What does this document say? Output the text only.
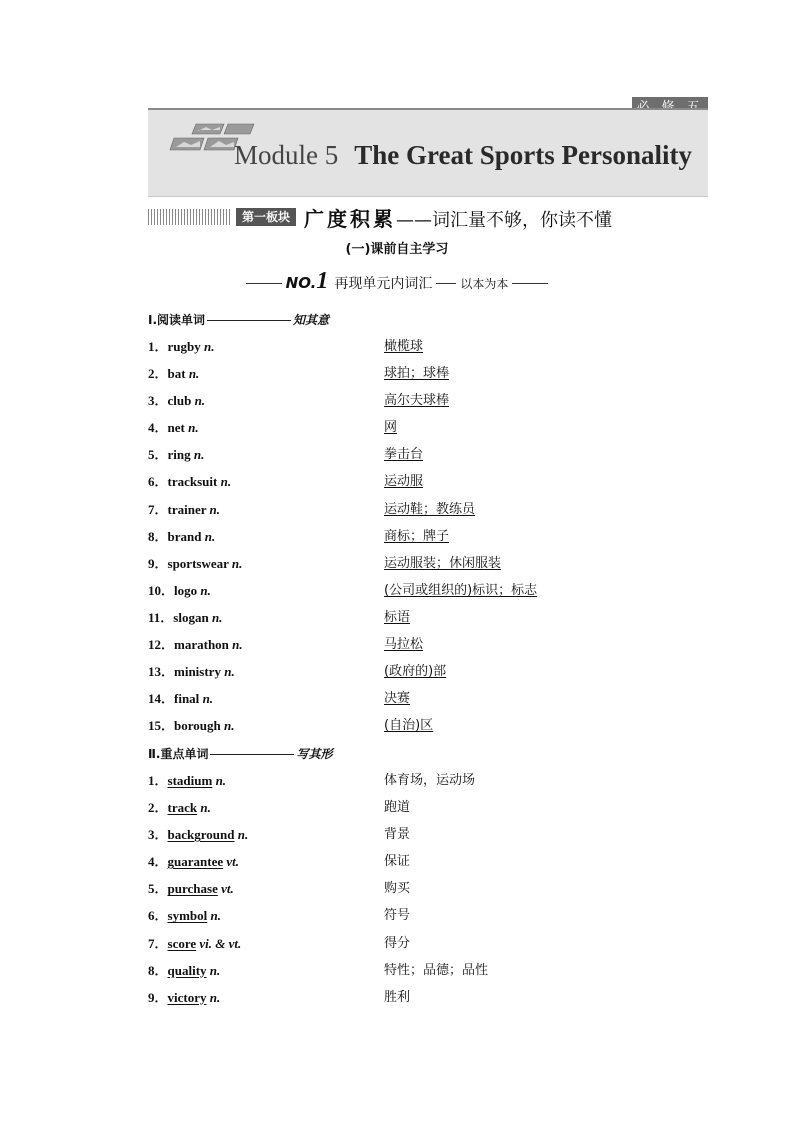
Module 5 The Great Sports Personality
第一板块 广度积累——词汇量不够，你读不懂
(一)课前自主学习
NO.1 再现单元内词汇 以本为本
Ⅰ.阅读单词	知其意
1．rugby n.	橄榄球
2．bat n.	球拍；球棒
3．club n.	高尔夫球棒
4．net n.	网
5．ring n.	拳击台
6．tracksuit n.	运动服
7．trainer n.	运动鞋；教练员
8．brand n.	商标；牌子
9．sportswear n.	运动服装；休闲服装
10．logo n.	(公司或组织的)标识；标志
11．slogan n.	标语
12．marathon n.	马拉松
13．ministry n.	(政府的)部
14．final n.	决赛
15．borough n.	(自治)区
Ⅱ.重点单词	写其形
1．stadium n.	体育场，运动场
2．track n.	跑道
3．background n.	背景
4．guarantee vt.	保证
5．purchase vt.	购买
6．symbol n.	符号
7．score vi. & vt.	得分
8．quality n.	特性；品德；品性
9．victory n.	胜利
